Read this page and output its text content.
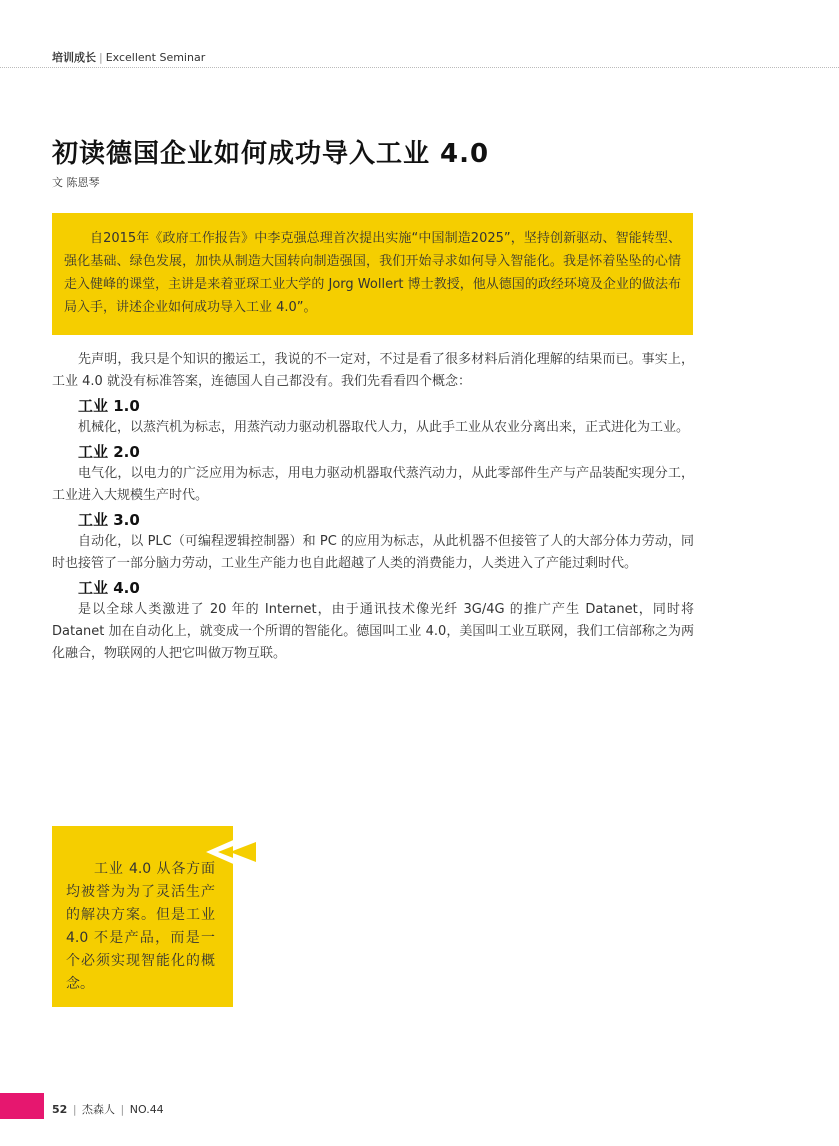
培训成长 | Excellent Seminar
初读德国企业如何成功导入工业 4.0
文 陈恩琴
自2015年《政府工作报告》中李克强总理首次提出实施“中国制造2025”，坚持创新驱动、智能转型、强化基础、绿色发展，加快从制造大国转向制造强国，我们开始寻求如何导入智能化。我是怀着坠坠的心情走入健峰的课堂，主讲是来着亚琛工业大学的 Jorg Wollert 博士教授，他从德国的政经环境及企业的做法布局入手，讲述企业如何成功导入工业 4.0”。

先声明，我只是个知识的搬运工，我说的不一定对，不过是看了很多材料后消化理解的结果而已。事实上，工业 4.0 就没有标准答案，连德国人自己都没有。我们先看看四个概念：

工业 1.0

机械化，以蒸汽机为标志，用蒸汽动力驱动机器取代人力，从此手工业从农业分离出来，正式进化为工业。

工业 2.0

电气化，以电力的广泛应用为标志，用电力驱动机器取代蒸汽动力，从此零部件生产与产品装配实现分工，工业进入大规模生产时代。

工业 3.0

自动化，以 PLC（可编程逻辑控制器）和 PC 的应用为标志，从此机器不但接管了人的大部分体力劳动，同时也接管了一部分脑力劳动，工业生产能力也自此超越了人类的消费能力，人类进入了产能过剩时代。

工业 4.0

是以全球人类激进了 20 年的 Internet，由于通讯技术像光纤 3G/4G 的推广产生 Datanet，同时将 Datanet 加在自动化上，就变成一个所谓的智能化。德国叫工业 4.0，美国叫工业互联网，我们工信部称之为两化融合，物联网的人把它叫做万物互联。

工业 4.0 从各方面均被誉为为了灵活生产的解决方案。但是工业 4.0 不是产品，而是一个必须实现智能化的概念。
52 | 杰森人 | NO.44
